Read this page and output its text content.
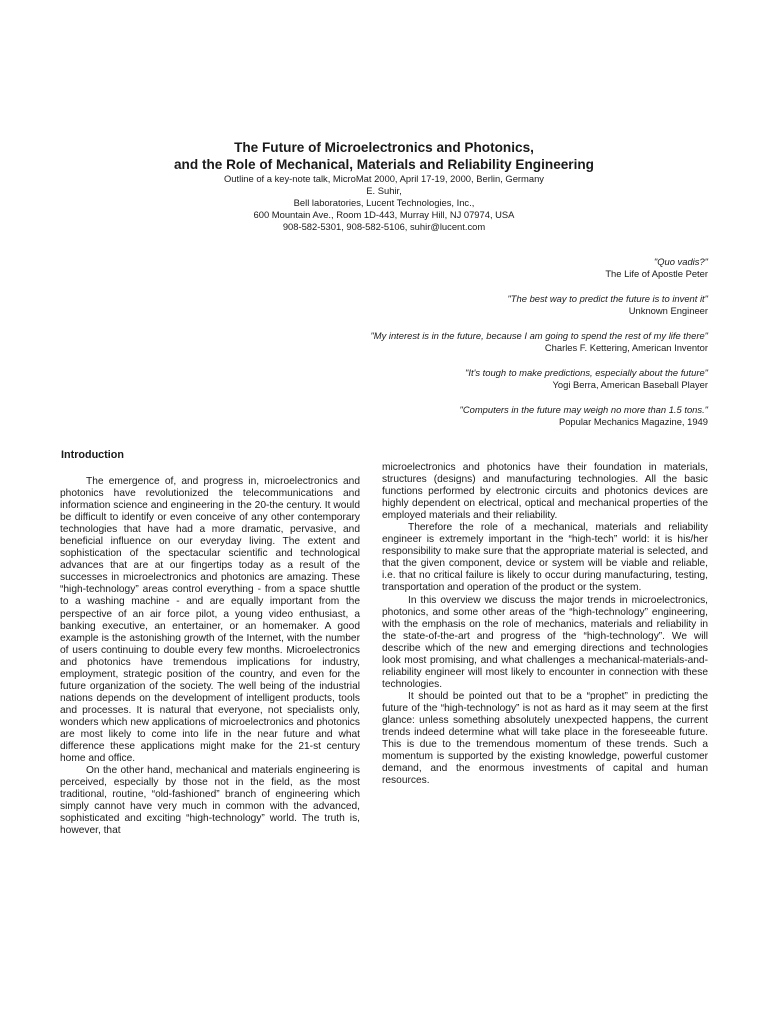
The Future of Microelectronics and Photonics,

and the Role of Mechanical, Materials and Reliability Engineering

Outline of a key-note talk, MicroMat 2000, April 17-19, 2000, Berlin, Germany

E. Suhir,

Bell laboratories, Lucent Technologies, Inc.,

600 Mountain Ave., Room 1D-443, Murray Hill, NJ 07974, USA

908-582-5301, 908-582-5106, suhir@lucent.com

"Quo vadis?"

The Life of Apostle Peter

"The best way to predict the future is to invent it"

Unknown Engineer

"My interest is in the future, because I am going to spend the rest of my life there"

Charles F. Kettering, American Inventor

"It's tough to make predictions, especially about the future"

Yogi Berra, American Baseball Player

"Computers in the future may weigh no more than 1.5 tons."

Popular Mechanics Magazine, 1949

Introduction

The emergence of, and progress in, microelectronics and photonics have revolutionized the telecommunications and information science and engineering in the 20-the century. It would be difficult to identify or even conceive of any other contemporary technologies that have had a more dramatic, pervasive, and beneficial influence on our everyday living. The extent and sophistication of the spectacular scientific and technological advances that are at our fingertips today as a result of the successes in microelectronics and photonics are amazing. These “high-technology” areas control everything - from a space shuttle to a washing machine - and are equally important from the perspective of an air force pilot, a young video enthusiast, a banking executive, an entertainer, or an homemaker. A good example is the astonishing growth of the Internet, with the number of users continuing to double every few months. Microelectronics and photonics have tremendous implications for industry, employment, strategic position of the country, and even for the future organization of the society. The well being of the industrial nations depends on the development of intelligent products, tools and processes. It is natural that everyone, not specialists only, wonders which new applications of microelectronics and photonics are most likely to come into life in the near future and what difference these applications might make for the 21-st century home and office.

On the other hand, mechanical and materials engineering is perceived, especially by those not in the field, as the most traditional, routine, “old-fashioned” branch of engineering which simply cannot have very much in common with the advanced, sophisticated and exciting “high-technology” world. The truth is, however, that

microelectronics and photonics have their foundation in materials, structures (designs) and manufacturing technologies. All the basic functions performed by electronic circuits and photonics devices are highly dependent on electrical, optical and mechanical properties of the employed materials and their reliability.

Therefore the role of a mechanical, materials and reliability engineer is extremely important in the “high-tech” world: it is his/her responsibility to make sure that the appropriate material is selected, and that the given component, device or system will be viable and reliable, i.e. that no critical failure is likely to occur during manufacturing, testing, transportation and operation of the product or the system.

In this overview we discuss the major trends in microelectronics, photonics, and some other areas of the “high-technology” engineering, with the emphasis on the role of mechanics, materials and reliability in the state-of-the-art and progress of the “high-technology”. We will describe which of the new and emerging directions and technologies look most promising, and what challenges a mechanical-materials-and-reliability engineer will most likely to encounter in connection with these technologies.

It should be pointed out that to be a “prophet” in predicting the future of the “high-technology” is not as hard as it may seem at the first glance: unless something absolutely unexpected happens, the current trends indeed determine what will take place in the foreseeable future. This is due to the tremendous momentum of these trends. Such a momentum is supported by the existing knowledge, powerful customer demand, and the enormous investments of capital and human resources.
